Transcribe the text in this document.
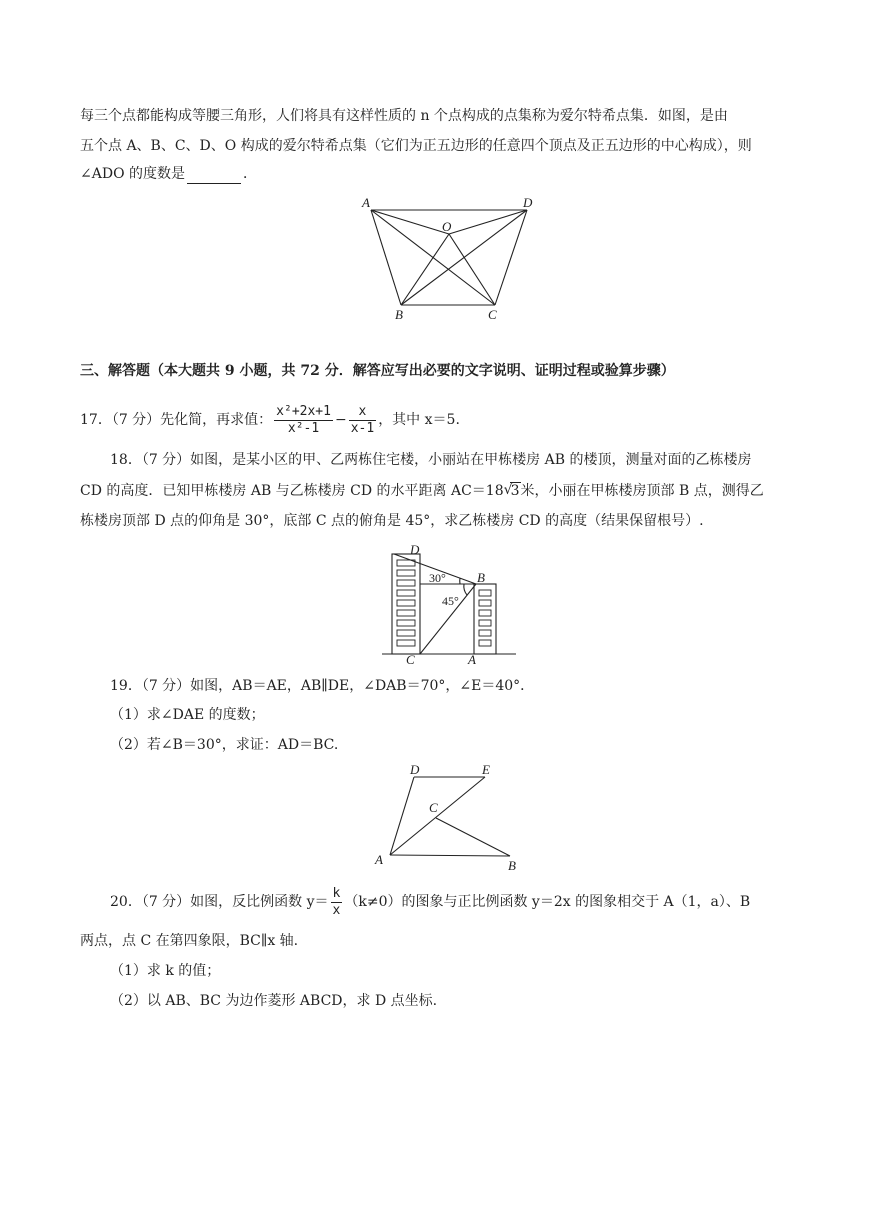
每三个点都能构成等腰三角形，人们将具有这样性质的 n 个点构成的点集称为爱尔特希点集．如图，是由
五个点 A、B、C、D、O 构成的爱尔特希点集（它们为正五边形的任意四个顶点及正五边形的中心构成），则
∠ADO 的度数是	．
A	D
O
B	C
三、解答题（本大题共 9 小题，共 72 分．解答应写出必要的文字说明、证明过程或验算步骤）
17．（7 分）先化简，再求值： $\frac{\text{x²+2x+1}}{\text{x²-1}} - \frac{x}{x-1}$ ，其中 x＝5.
18．（7 分）如图，是某小区的甲、乙两栋住宅楼，小丽站在甲栋楼房 AB 的楼顶，测量对面的乙栋楼房
CD 的高度．已知甲栋楼房 AB 与乙栋楼房 CD 的水平距离 AC＝18 √
3米，小丽在甲栋楼房顶部 B 点，测得乙
栋楼房顶部 D 点的仰角是 30°，底部 C 点的俯角是 45°，求乙栋楼房 CD 的高度（结果保留根号）.
D
B
C	A
30°
45°
19．（7 分）如图，AB＝AE，AB∥DE，∠DAB＝70°，∠E＝40°．
（1）求∠DAE 的度数；
（2）若∠B＝30°，求证：AD＝BC.
D	E
C
A	B
20．（7 分）如图，反比例函数 $y= \frac{k}{x} (k\ne 0)$的图象与正比例函数 y＝2x 的图象相交于 A（1，a）、B
两点，点 C 在第四象限，BC∥x 轴.
（1）求 k 的值；
（2）以 AB、BC 为边作菱形 ABCD，求 D 点坐标.
